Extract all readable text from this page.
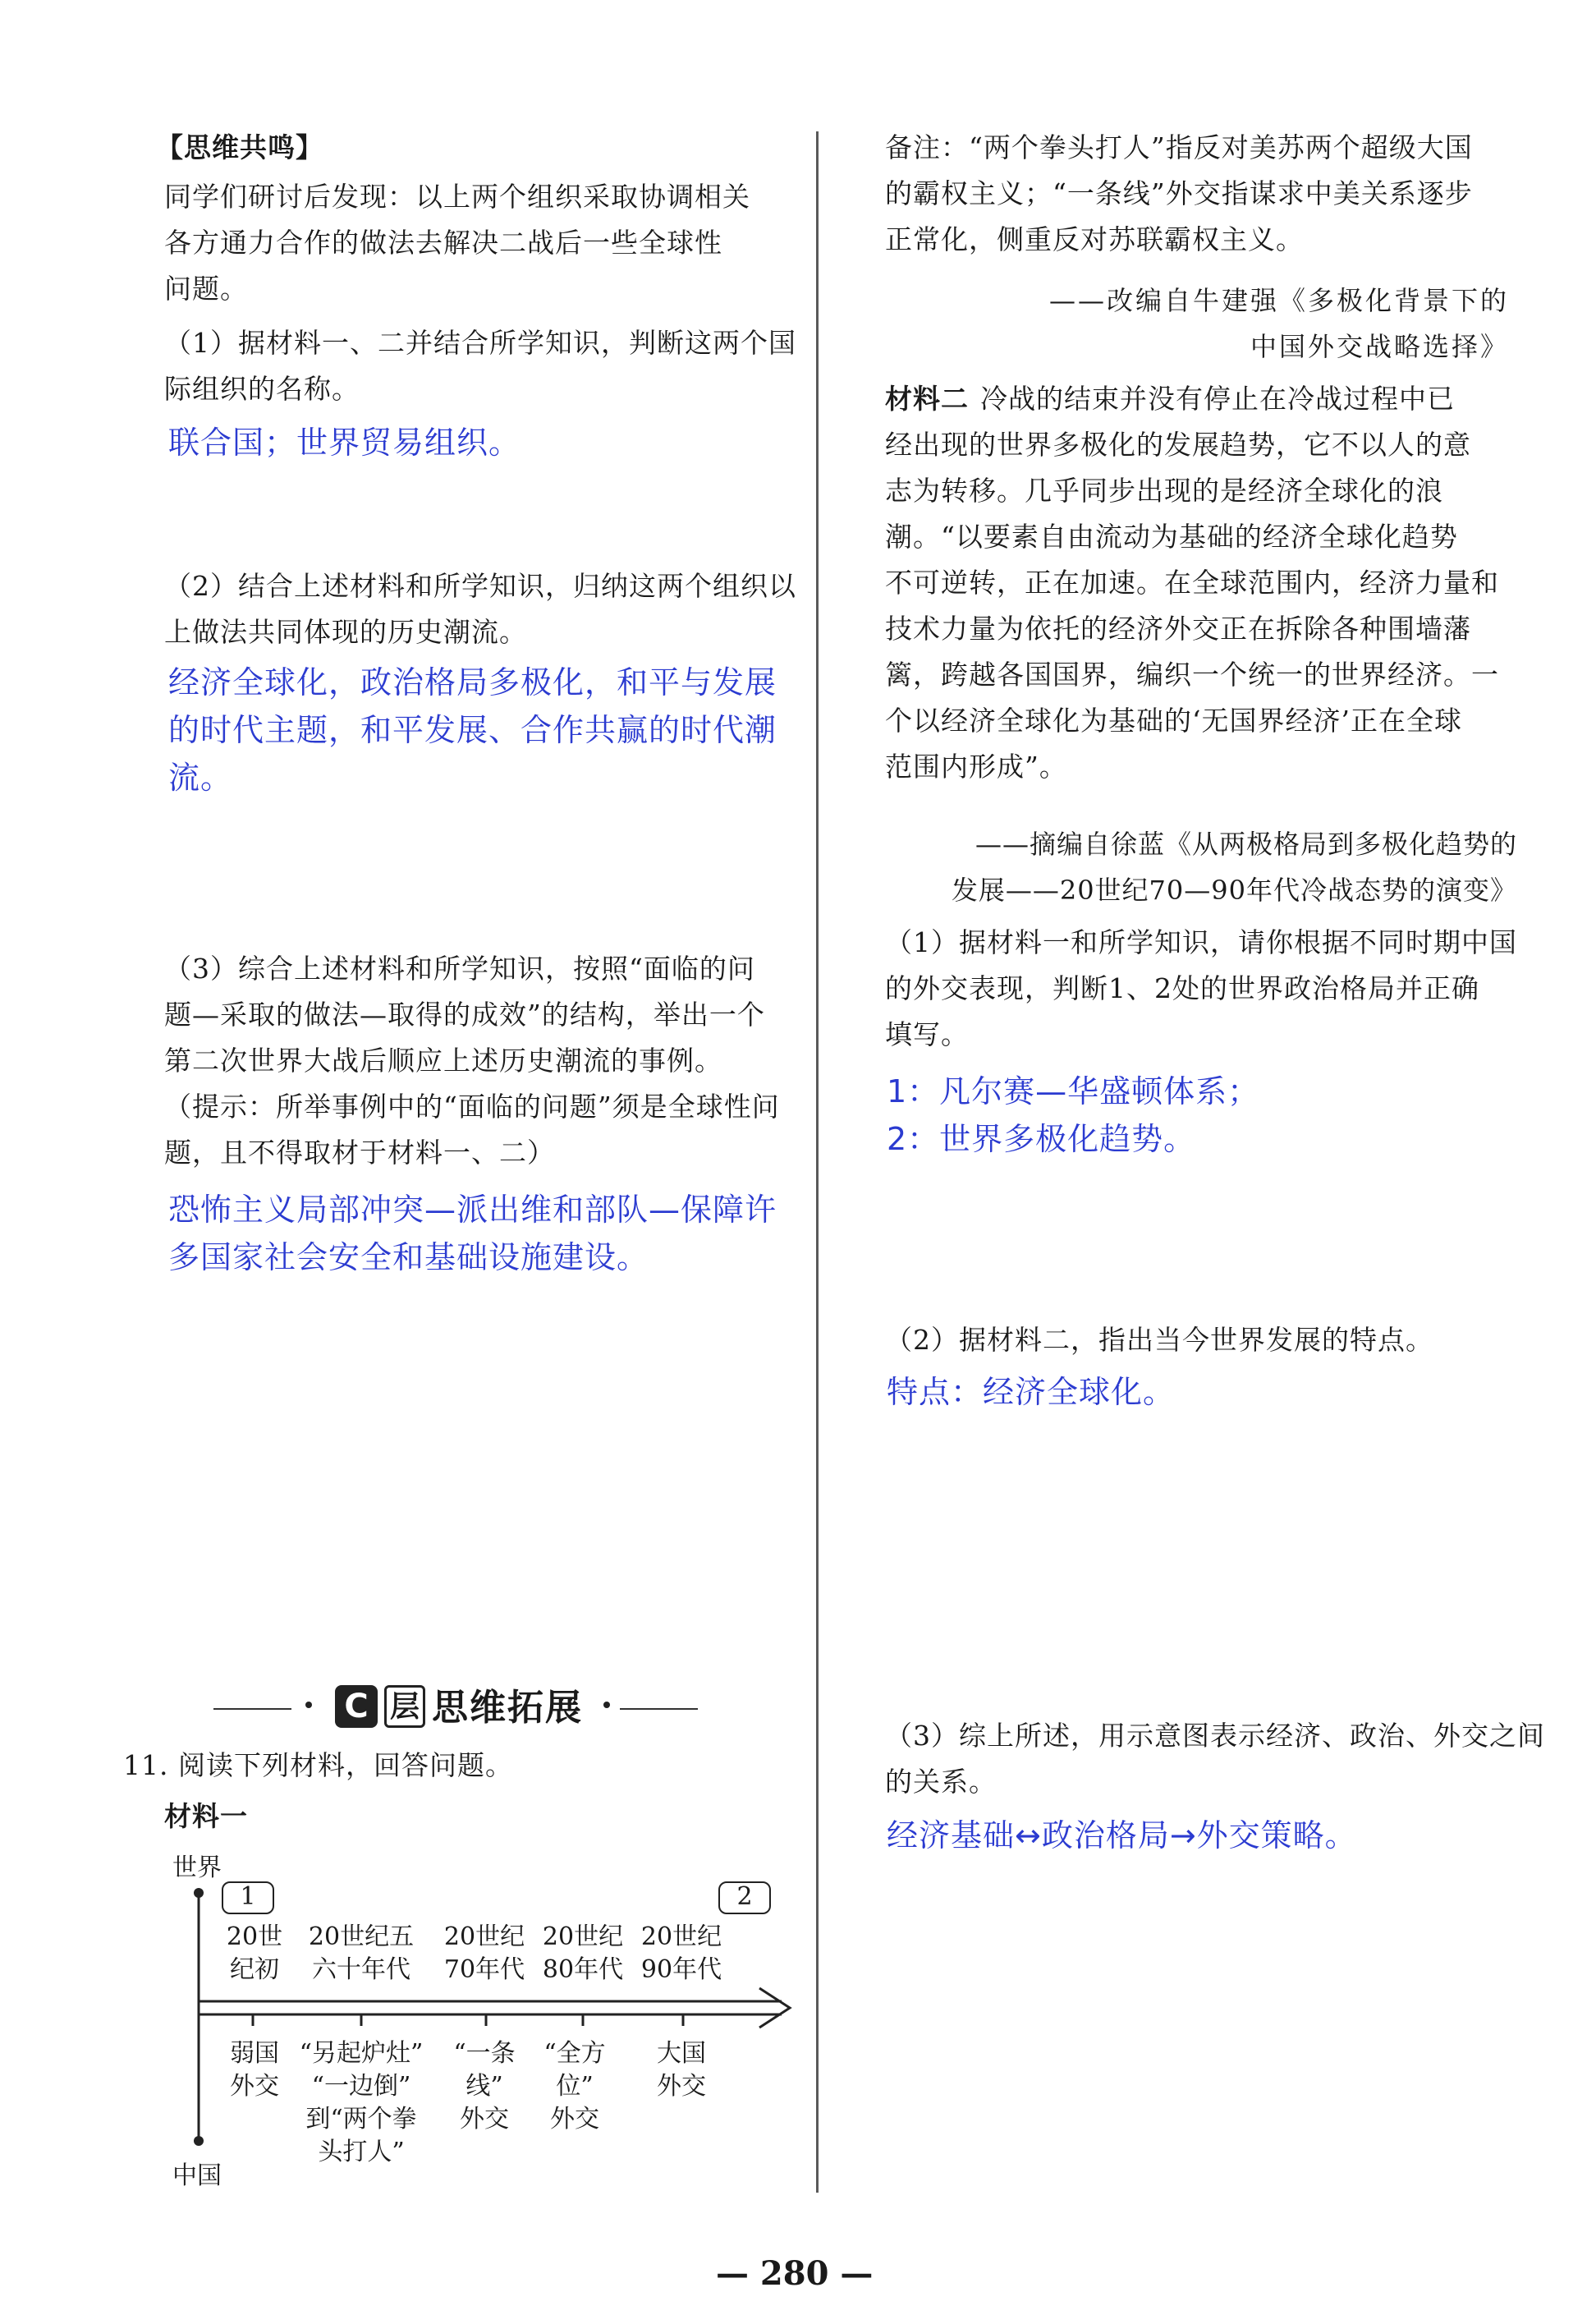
【思维共鸣】
同学们研讨后发现：以上两个组织采取协调相关
各方通力合作的做法去解决二战后一些全球性
问题。
（1）据材料一、二并结合所学知识，判断这两个国
际组织的名称。
联合国；世界贸易组织。
（2）结合上述材料和所学知识，归纳这两个组织以
上做法共同体现的历史潮流。
经济全球化，政治格局多极化，和平与发展
的时代主题，和平发展、合作共赢的时代潮
流。
（3）综合上述材料和所学知识，按照“面临的问
题—采取的做法—取得的成效”的结构，举出一个
第二次世界大战后顺应上述历史潮流的事例。
（提示：所举事例中的“面临的问题”须是全球性问
题，且不得取材于材料一、二）
恐怖主义局部冲突—派出维和部队—保障许
多国家社会安全和基础设施建设。
C 层 思维拓展
11. 阅读下列材料，回答问题。
材料一
世界
中国
1	2
20世
纪初
20世纪五
六十年代
20世纪
70年代
20世纪
80年代
20世纪
90年代
弱国
外交
“另起炉灶”
“一边倒”
到“两个拳
头打人”
“一条
线”
外交
“全方
位”
外交
大国
外交
备注：“两个拳头打人”指反对美苏两个超级大国
的霸权主义；“一条线”外交指谋求中美关系逐步
正常化，侧重反对苏联霸权主义。
——改编自牛建强《多极化背景下的
中国外交战略选择》
材料二 冷战的结束并没有停止在冷战过程中已
经出现的世界多极化的发展趋势，它不以人的意
志为转移。几乎同步出现的是经济全球化的浪
潮。“以要素自由流动为基础的经济全球化趋势
不可逆转，正在加速。在全球范围内，经济力量和
技术力量为依托的经济外交正在拆除各种围墙藩
篱，跨越各国国界，编织一个统一的世界经济。一
个以经济全球化为基础的‘无国界经济’正在全球
范围内形成”。
——摘编自徐蓝《从两极格局到多极化趋势的
发展——20世纪70—90年代冷战态势的演变》
（1）据材料一和所学知识，请你根据不同时期中国
的外交表现，判断1、2处的世界政治格局并正确
填写。
1：凡尔赛—华盛顿体系；
2：世界多极化趋势。
（2）据材料二，指出当今世界发展的特点。
特点：经济全球化。
（3）综上所述，用示意图表示经济、政治、外交之间
的关系。
经济基础↔政治格局→外交策略。
— 280 —
